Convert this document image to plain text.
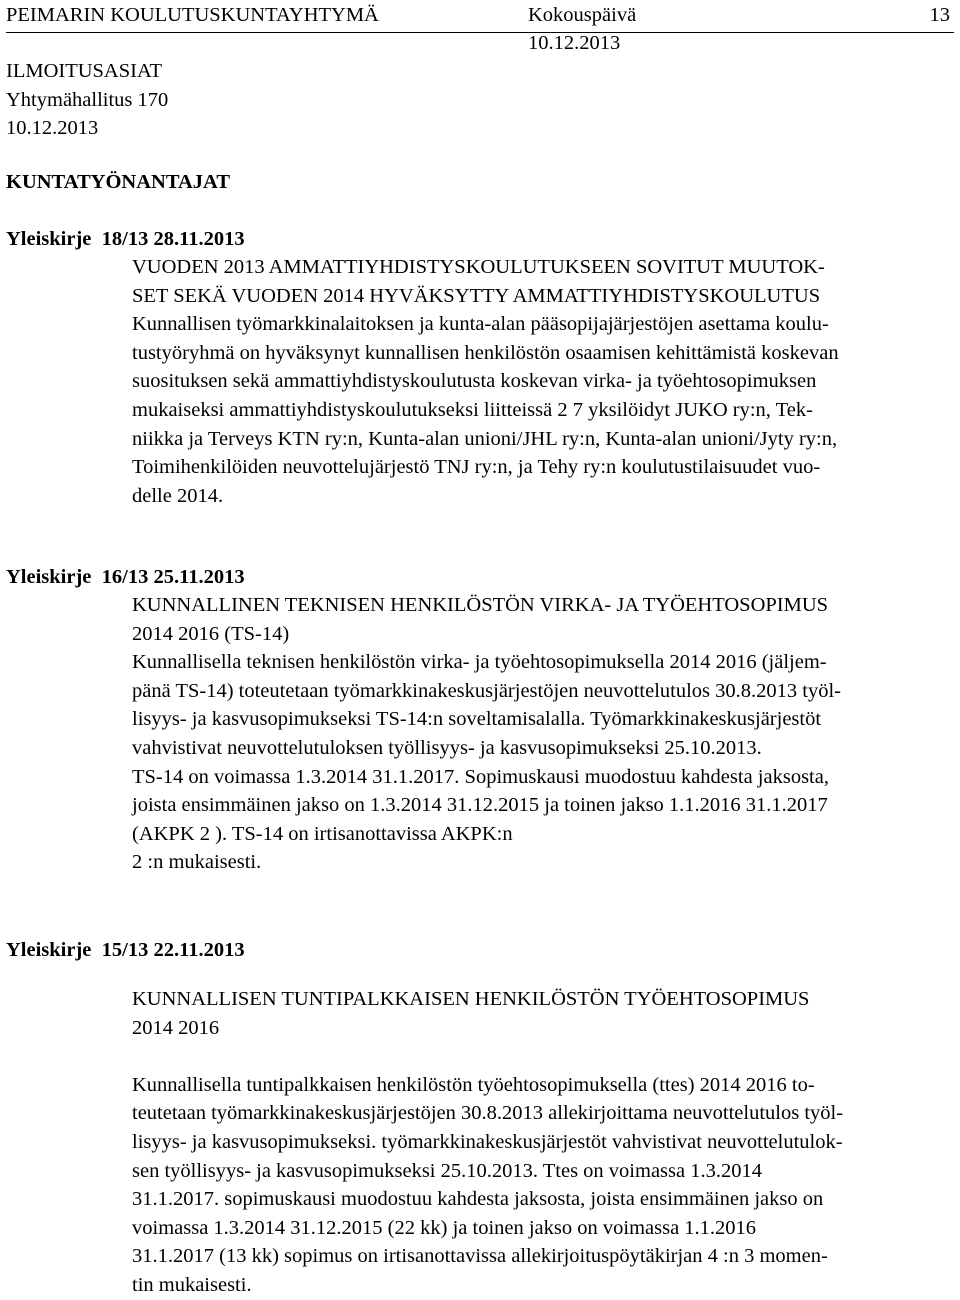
PEIMARIN KOULUTUSKUNTAYHTYMÄ	Kokouspäivä	13
10.12.2013
ILMOITUSASIAT
Yhtymähallitus 170
10.12.2013
KUNTATYÖNANTAJAT
Yleiskirje 18/13 28.11.2013
VUODEN 2013 AMMATTIYHDISTYSKOULUTUKSEEN SOVITUT MUUTOK-
SET SEKÄ VUODEN 2014 HYVÄKSYTTY AMMATTIYHDISTYSKOULUTUS
Kunnallisen työmarkkinalaitoksen ja kunta-alan pääsopijajärjestöjen asettama koulu-
tustyöryhmä on hyväksynyt kunnallisen henkilöstön osaamisen kehittämistä koskevan
suosituksen sekä ammattiyhdistyskoulutusta koskevan virka- ja työehtosopimuksen
mukaiseksi ammattiyhdistyskoulutukseksi liitteissä 2 7 yksilöidyt JUKO ry:n, Tek-
niikka ja Terveys KTN ry:n, Kunta-alan unioni/JHL ry:n, Kunta-alan unioni/Jyty ry:n,
Toimihenkilöiden neuvottelujärjestö TNJ ry:n, ja Tehy ry:n koulutustilaisuudet vuo-
delle 2014.
Yleiskirje 16/13 25.11.2013
KUNNALLINEN TEKNISEN HENKILÖSTÖN VIRKA- JA TYÖEHTOSOPIMUS
2014 2016 (TS-14)
Kunnallisella teknisen henkilöstön virka- ja työehtosopimuksella 2014 2016 (jäljem-
pänä TS-14) toteutetaan työmarkkinakeskusjärjestöjen neuvottelutulos 30.8.2013 työl-
lisyys- ja kasvusopimukseksi TS-14:n soveltamisalalla. Työmarkkinakeskusjärjestöt
vahvistivat neuvottelutuloksen työllisyys- ja kasvusopimukseksi 25.10.2013.
TS-14 on voimassa 1.3.2014 31.1.2017. Sopimuskausi muodostuu kahdesta jaksosta,
joista ensimmäinen jakso on 1.3.2014 31.12.2015 ja toinen jakso 1.1.2016 31.1.2017
(AKPK 2 ). TS-14 on irtisanottavissa AKPK:n
2 :n mukaisesti.
Yleiskirje 15/13 22.11.2013
KUNNALLISEN TUNTIPALKKAISEN HENKILÖSTÖN TYÖEHTOSOPIMUS
2014 2016
Kunnallisella tuntipalkkaisen henkilöstön työehtosopimuksella (ttes) 2014 2016 to-
teutetaan työmarkkinakeskusjärjestöjen 30.8.2013 allekirjoittama neuvottelutulos työl-
lisyys- ja kasvusopimukseksi. työmarkkinakeskusjärjestöt vahvistivat neuvottelutulok-
sen työllisyys- ja kasvusopimukseksi 25.10.2013. Ttes on voimassa 1.3.2014
31.1.2017. sopimuskausi muodostuu kahdesta jaksosta, joista ensimmäinen jakso on
voimassa 1.3.2014 31.12.2015 (22 kk) ja toinen jakso on voimassa 1.1.2016
31.1.2017 (13 kk) sopimus on irtisanottavissa allekirjoituspöytäkirjan 4 :n 3 momen-
tin mukaisesti.
